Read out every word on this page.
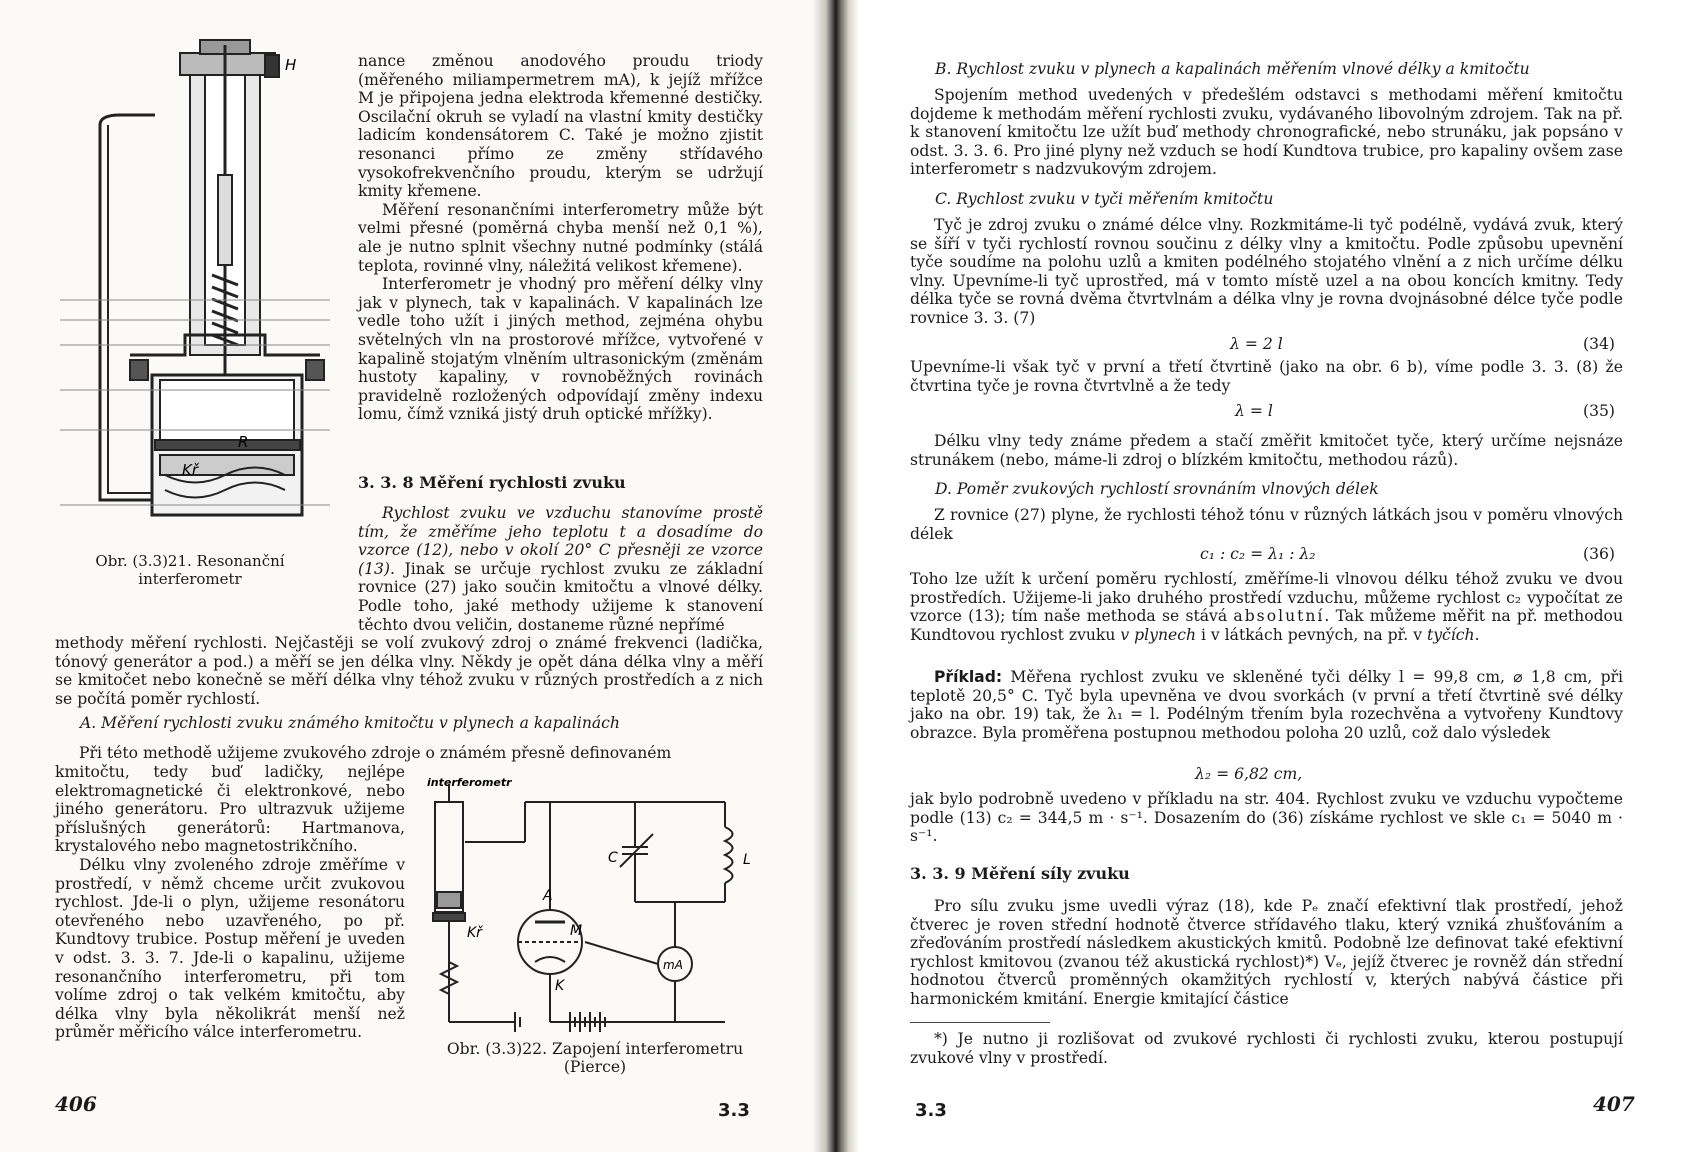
H
R
Kř
Obr. (3.3)21. Resonanční interferometr

nance změnou anodového proudu triody (měřeného miliampermetrem mA), k jejíž mřížce M je připojena jedna elektroda křemenné destičky. Oscilační okruh se vyladí na vlastní kmity destičky ladicím kondensátorem C. Také je možno zjistit resonanci přímo ze změny střídavého vysokofrekvenčního proudu, kterým se udržují kmity křemene.

Měření resonančními interferometry může být velmi přesné (poměrná chyba menší než 0,1 %), ale je nutno splnit všechny nutné podmínky (stálá teplota, rovinné vlny, náležitá velikost křemene).

Interferometr je vhodný pro měření délky vlny jak v plynech, tak v kapalinách. V kapalinách lze vedle toho užít i jiných method, zejména ohybu světelných vln na prostorové mřížce, vytvořené v kapalině stojatým vlněním ultrasonickým (změnám hustoty kapaliny, v rovnoběžných rovinách pravidelně rozložených odpovídají změny indexu lomu, čímž vzniká jistý druh optické mřížky).

3. 3. 8 Měření rychlosti zvuku

Rychlost zvuku ve vzduchu stanovíme prostě tím, že změříme jeho teplotu t a dosadíme do vzorce (12), nebo v okolí 20° C přesněji ze vzorce (13). Jinak se určuje rychlost zvuku ze základní rovnice (27) jako součin kmitočtu a vlnové délky. Podle toho, jaké methody užijeme k stanovení těchto dvou veličin, dostaneme různé nepřímé

methody měření rychlosti. Nejčastěji se volí zvukový zdroj o známé frekvenci (ladička, tónový generátor a pod.) a měří se jen délka vlny. Někdy je opět dána délka vlny a měří se kmitočet nebo konečně se měří délka vlny téhož zvuku v různých prostředích a z nich se počítá poměr rychlostí.
A. Měření rychlosti zvuku známého kmitočtu v plynech a kapalinách
Při této methodě užijeme zvukového zdroje o známém přesně definovaném

kmitočtu, tedy buď ladičky, nejlépe elektromagnetické či elektronkové, nebo jiného generátoru. Pro ultrazvuk užijeme příslušných generátorů: Hartmanova, krystalového nebo magnetostrikčního.

Délku vlny zvoleného zdroje změříme v prostředí, v němž chceme určit zvukovou rychlost. Jde-li o plyn, užijeme resonátoru otevřeného nebo uzavřeného, po př. Kundtovy trubice. Postup měření je uveden v odst. 3. 3. 7. Jde-li o kapalinu, užijeme resonančního interferometru, při tom volíme zdroj o tak velkém kmitočtu, aby délka vlny byla několikrát menší než průměr měřicího válce interferometru.

interferometr
Kř
A
M
K
C	L
mA
Obr. (3.3)22. Zapojení interferometru (Pierce)
406	3.3
B. Rychlost zvuku v plynech a kapalinách měřením vlnové délky a kmitočtu
Spojením method uvedených v předešlém odstavci s methodami měření kmitočtu dojdeme k methodám měření rychlosti zvuku, vydávaného libovolným zdrojem. Tak na př. k stanovení kmitočtu lze užít buď methody chronografické, nebo strunáku, jak popsáno v odst. 3. 3. 6. Pro jiné plyny než vzduch se hodí Kundtova trubice, pro kapaliny ovšem zase interferometr s nadzvukovým zdrojem.
C. Rychlost zvuku v tyči měřením kmitočtu
Tyč je zdroj zvuku o známé délce vlny. Rozkmitáme-li tyč podélně, vydává zvuk, který se šíří v tyči rychlostí rovnou součinu z délky vlny a kmitočtu. Podle způsobu upevnění tyče soudíme na polohu uzlů a kmiten podélného stojatého vlnění a z nich určíme délku vlny. Upevníme-li tyč uprostřed, má v tomto místě uzel a na obou koncích kmitny. Tedy délka tyče se rovná dvěma čtvrtvlnám a délka vlny je rovna dvojnásobné délce tyče podle rovnice 3. 3. (7)
λ = 2 l	(34)
Upevníme-li však tyč v první a třetí čtvrtině (jako na obr. 6 b), víme podle 3. 3. (8) že čtvrtina tyče je rovna čtvrtvlně a že tedy
λ = l	(35)
Délku vlny tedy známe předem a stačí změřit kmitočet tyče, který určíme nejsnáze strunákem (nebo, máme-li zdroj o blízkém kmitočtu, methodou rázů).
D. Poměr zvukových rychlostí srovnáním vlnových délek
Z rovnice (27) plyne, že rychlosti téhož tónu v různých látkách jsou v poměru vlnových délek
c₁ : c₂ = λ₁ : λ₂	(36)

Toho lze užít k určení poměru rychlostí, změříme-li vlnovou délku téhož zvuku ve dvou prostředích. Užijeme-li jako druhého prostředí vzduchu, můžeme rychlost c₂ vypočítat ze vzorce (13); tím naše methoda se stává absolutní. Tak můžeme měřit na př. methodou Kundtovou rychlost zvuku v plynech i v látkách pevných, na př. v tyčích.

Příklad: Měřena rychlost zvuku ve skleněné tyči délky l = 99,8 cm, ⌀ 1,8 cm, při teplotě 20,5° C. Tyč byla upevněna ve dvou svorkách (v první a třetí čtvrtině své délky jako na obr. 19) tak, že λ₁ = l. Podélným třením byla rozechvěna a vytvořeny Kundtovy obrazce. Byla proměřena postupnou methodou poloha 20 uzlů, což dalo výsledek

λ₂ = 6,82 cm,
jak bylo podrobně uvedeno v příkladu na str. 404. Rychlost zvuku ve vzduchu vypočteme podle (13) c₂ = 344,5 m · s⁻¹. Dosazením do (36) získáme rychlost ve skle c₁ = 5040 m · s⁻¹.
3. 3. 9 Měření síly zvuku
Pro sílu zvuku jsme uvedli výraz (18), kde Pₑ značí efektivní tlak prostředí, jehož čtverec je roven střední hodnotě čtverce střídavého tlaku, který vzniká zhušťováním a zřeďováním prostředí následkem akustických kmitů. Podobně lze definovat také efektivní rychlost kmitovou (zvanou též akustická rychlost)*) Vₑ, jejíž čtverec je rovněž dán střední hodnotou čtverců proměnných okamžitých rychlostí v, kterých nabývá částice při harmonickém kmitání. Energie kmitající částice
*) Je nutno ji rozlišovat od zvukové rychlosti či rychlosti zvuku, kterou postupují zvukové vlny v prostředí.
3.3	407
